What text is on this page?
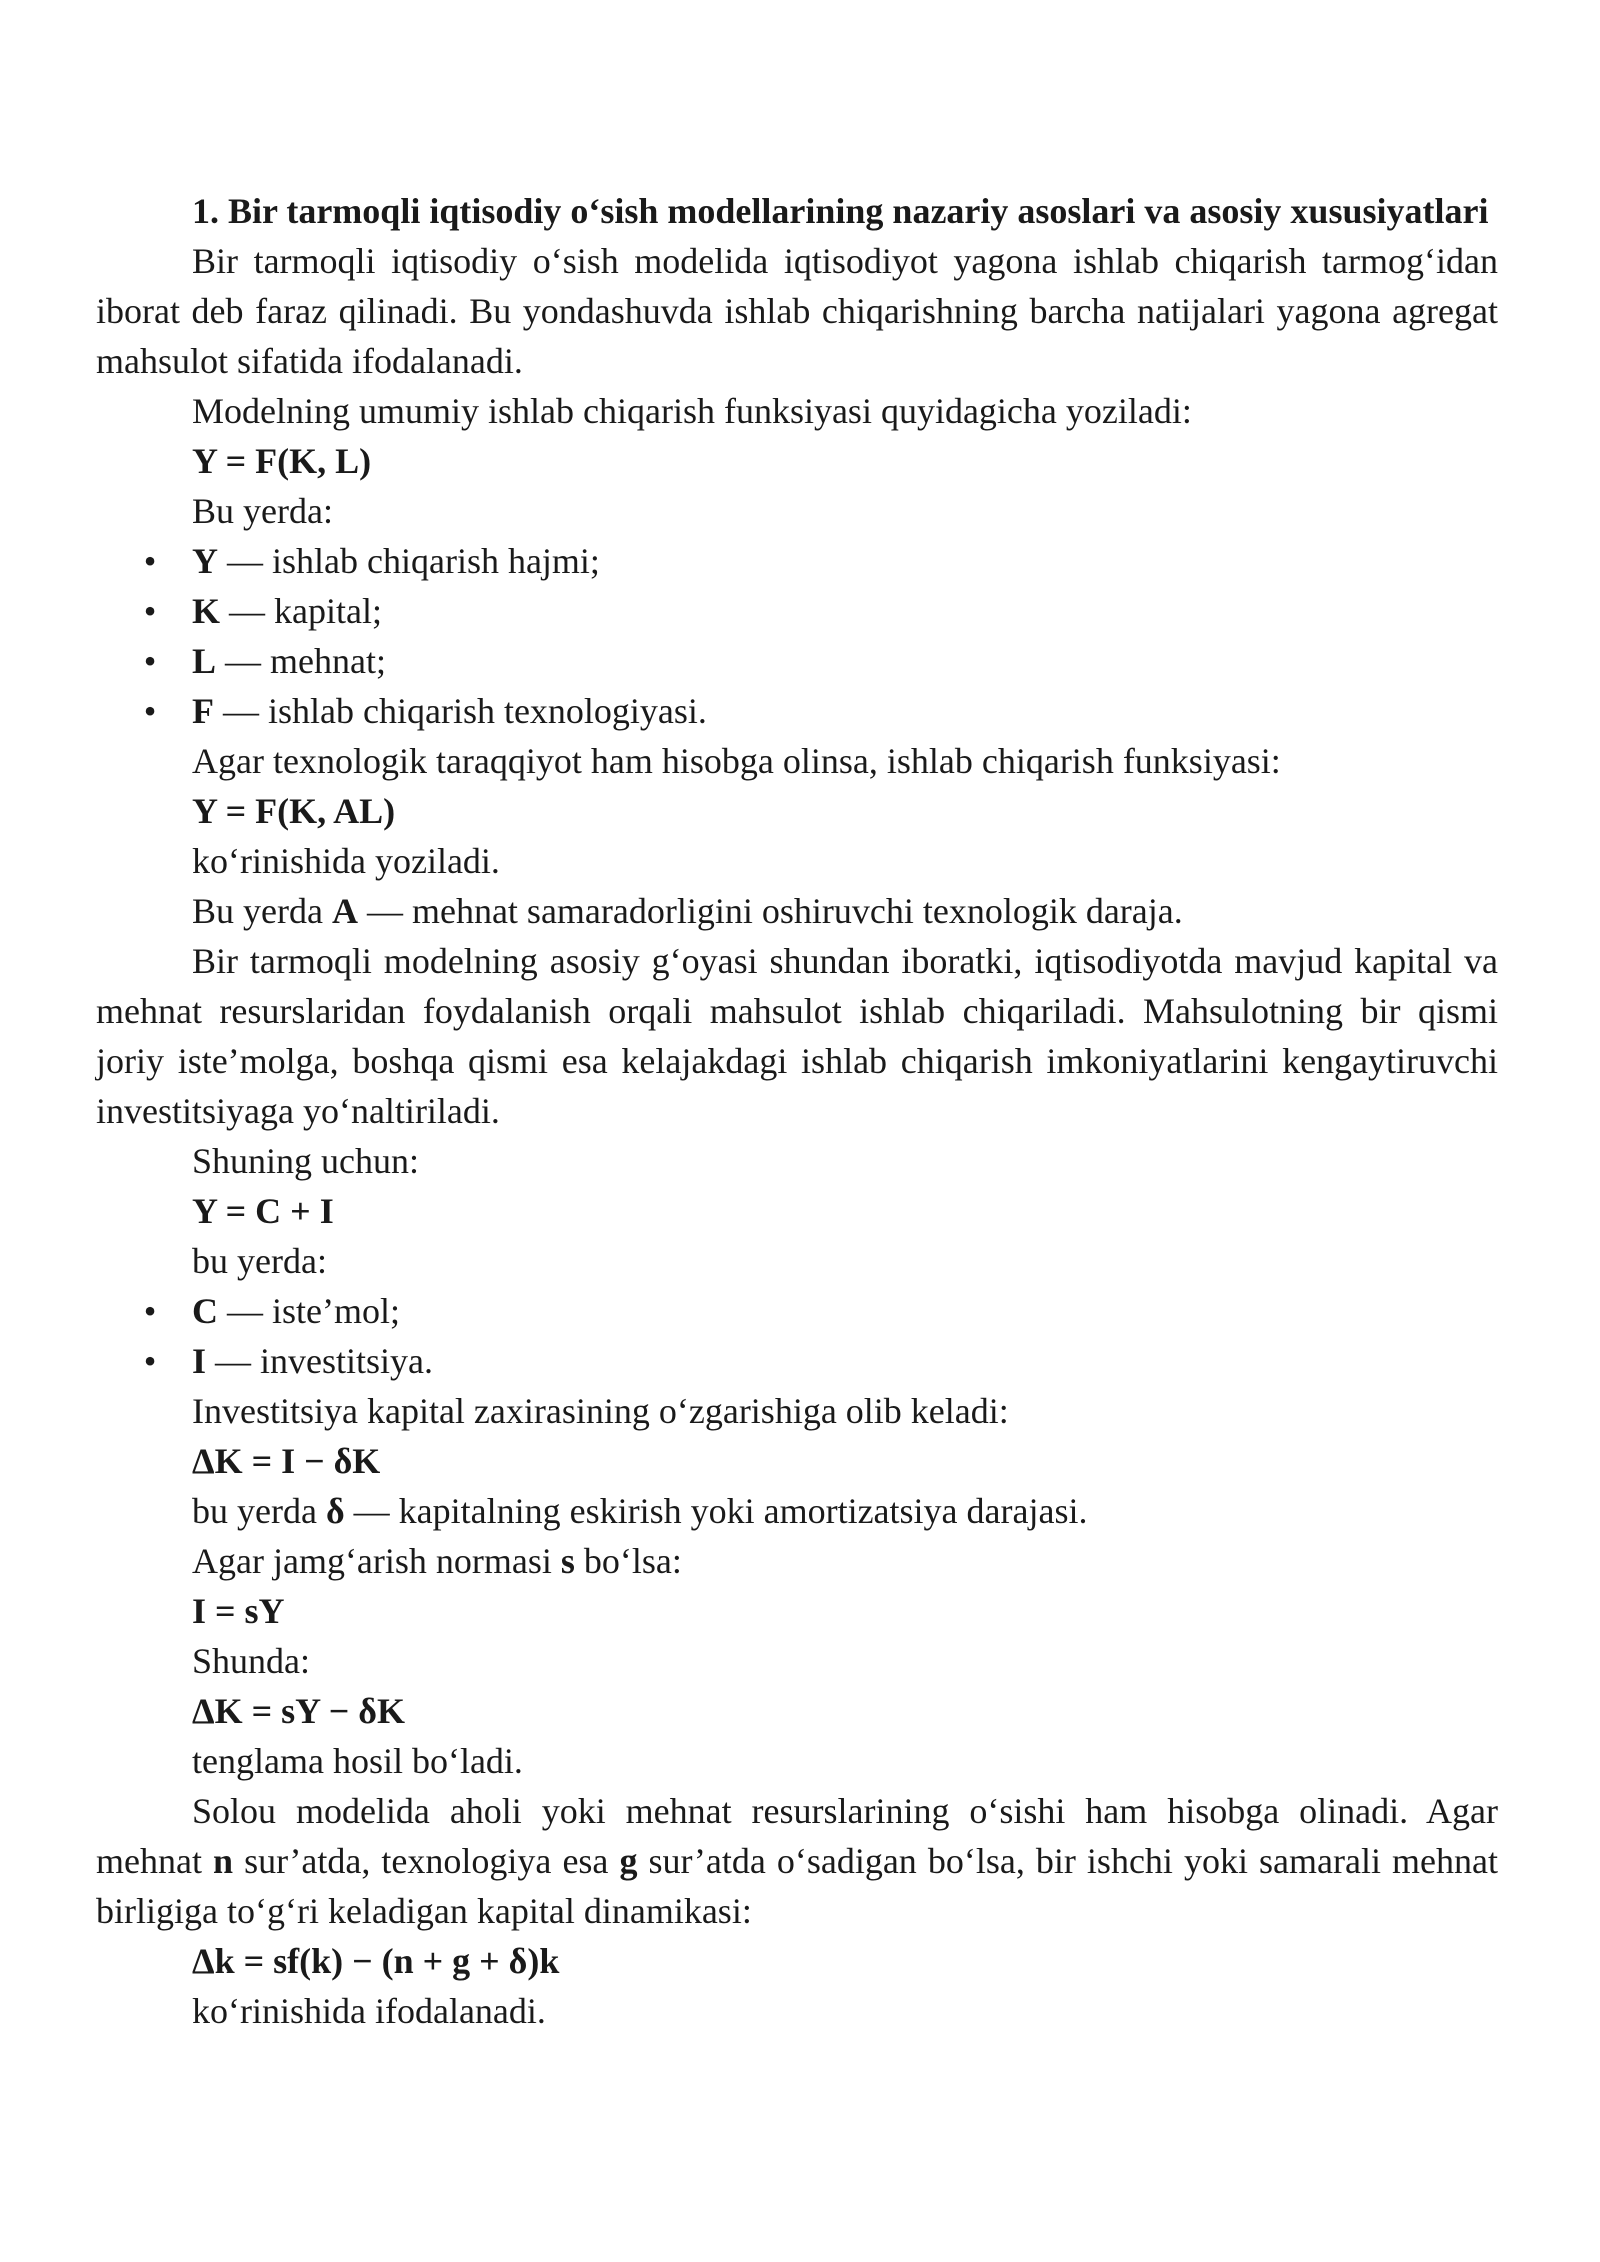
1. Bir tarmoqli iqtisodiy o‘sish modellarining nazariy asoslari va asosiy xususiyatlari

Bir tarmoqli iqtisodiy o‘sish modelida iqtisodiyot yagona ishlab chiqarish tarmog‘idan iborat deb faraz qilinadi. Bu yondashuvda ishlab chiqarishning barcha natijalari yagona agregat mahsulot sifatida ifodalanadi.

Modelning umumiy ishlab chiqarish funksiyasi quyidagicha yoziladi:

Y = F(K, L)

Bu yerda:

• Y — ishlab chiqarish hajmi;
• K — kapital;
• L — mehnat;
• F — ishlab chiqarish texnologiyasi.

Agar texnologik taraqqiyot ham hisobga olinsa, ishlab chiqarish funksiyasi:

Y = F(K, AL)

ko‘rinishida yoziladi.

Bu yerda A — mehnat samaradorligini oshiruvchi texnologik daraja.

Bir tarmoqli modelning asosiy g‘oyasi shundan iboratki, iqtisodiyotda mavjud kapital va mehnat resurslaridan foydalanish orqali mahsulot ishlab chiqariladi. Mahsulotning bir qismi joriy iste’molga, boshqa qismi esa kelajakdagi ishlab chiqarish imkoniyatlarini kengaytiruvchi investitsiyaga yo‘naltiriladi.

Shuning uchun:

Y = C + I

bu yerda:

• C — iste’mol;
• I — investitsiya.

Investitsiya kapital zaxirasining o‘zgarishiga olib keladi:

ΔK = I − δK

bu yerda δ — kapitalning eskirish yoki amortizatsiya darajasi.

Agar jamg‘arish normasi s bo‘lsa:

I = sY

Shunda:

ΔK = sY − δK

tenglama hosil bo‘ladi.

Solou modelida aholi yoki mehnat resurslarining o‘sishi ham hisobga olinadi. Agar mehnat n sur’atda, texnologiya esa g sur’atda o‘sadigan bo‘lsa, bir ishchi yoki samarali mehnat birligiga to‘g‘ri keladigan kapital dinamikasi:

Δk = sf(k) − (n + g + δ)k

ko‘rinishida ifodalanadi.
